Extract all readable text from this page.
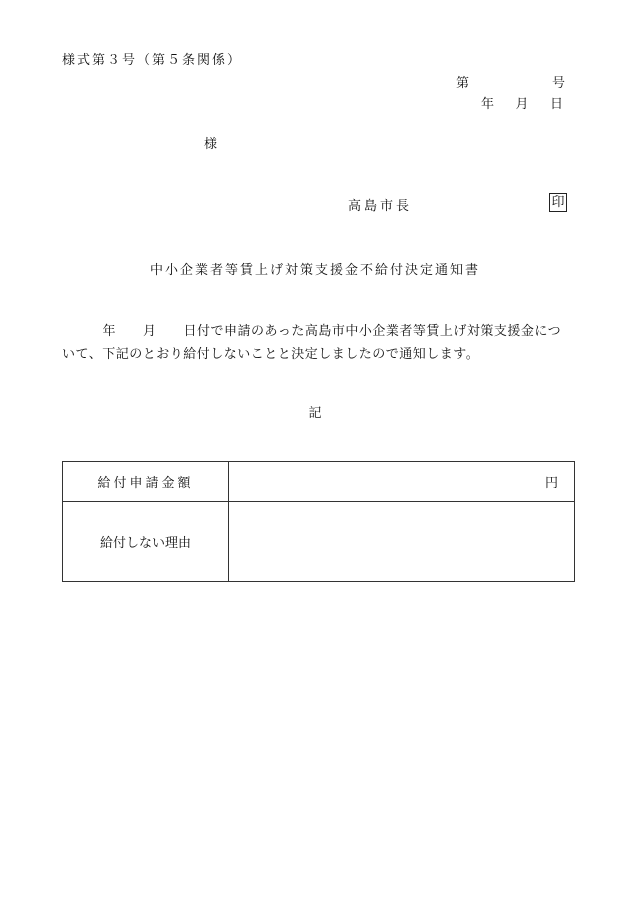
様式第３号（第５条関係）
第	号
年 月 日
様
高島市長	印
中小企業者等賃上げ対策支援金不給付決定通知書
　　　年　　月　　日付で申請のあった高島市中小企業者等賃上げ対策支援金について、下記のとおり給付しないことと決定しましたので通知します。
記
給付申請金額	円
給付しない理由	
